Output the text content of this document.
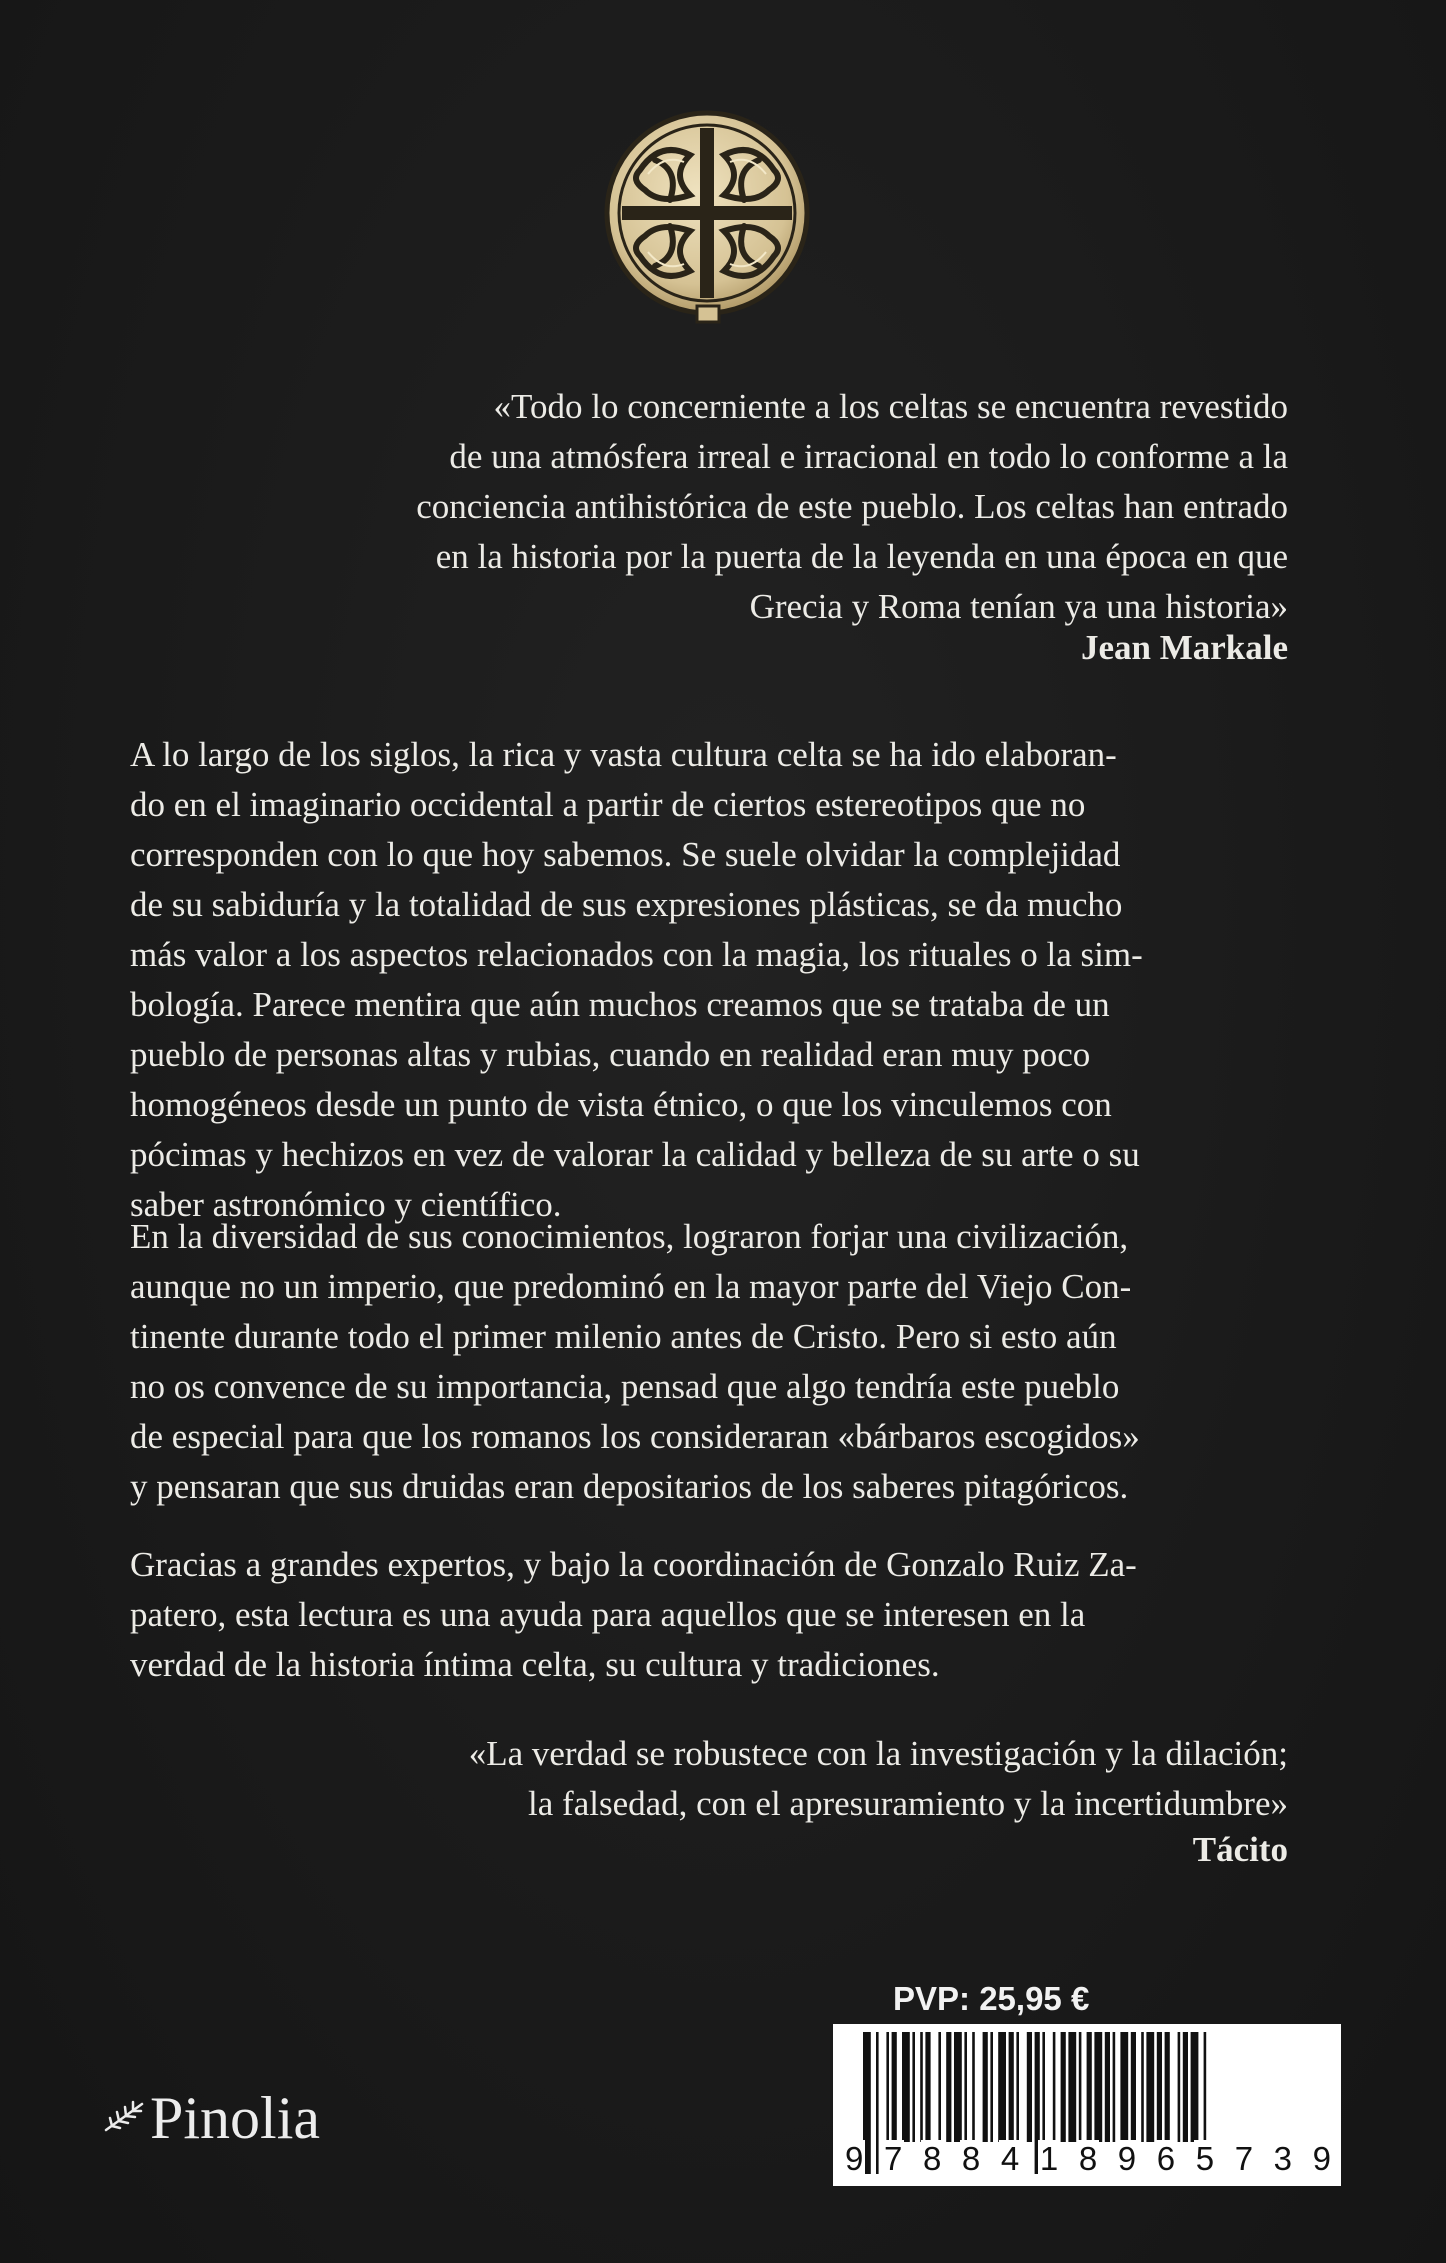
«Todo lo concerniente a los celtas se encuentra revestido
de una atmósfera irreal e irracional en todo lo conforme a la
conciencia antihistórica de este pueblo. Los celtas han entrado
en la historia por la puerta de la leyenda en una época en que
Grecia y Roma tenían ya una historia»

Jean Markale

A lo largo de los siglos, la rica y vasta cultura celta se ha ido elaboran-
do en el imaginario occidental a partir de ciertos estereotipos que no
corresponden con lo que hoy sabemos. Se suele olvidar la complejidad
de su sabiduría y la totalidad de sus expresiones plásticas, se da mucho
más valor a los aspectos relacionados con la magia, los rituales o la sim-
bología. Parece mentira que aún muchos creamos que se trataba de un
pueblo de personas altas y rubias, cuando en realidad eran muy poco
homogéneos desde un punto de vista étnico, o que los vinculemos con
pócimas y hechizos en vez de valorar la calidad y belleza de su arte o su
saber astronómico y científico.

En la diversidad de sus conocimientos, lograron forjar una civilización,
aunque no un imperio, que predominó en la mayor parte del Viejo Con-
tinente durante todo el primer milenio antes de Cristo. Pero si esto aún
no os convence de su importancia, pensad que algo tendría este pueblo
de especial para que los romanos los consideraran «bárbaros escogidos»
y pensaran que sus druidas eran depositarios de los saberes pitagóricos.

Gracias a grandes expertos, y bajo la coordinación de Gonzalo Ruiz Za-
patero, esta lectura es una ayuda para aquellos que se interesen en la
verdad de la historia íntima celta, su cultura y tradiciones.

«La verdad se robustece con la investigación y la dilación;
la falsedad, con el apresuramiento y la incertidumbre»

Tácito

PVP: 25,95 €

9 7 8 8 4 1 8 9 6 5 7 3 9
Pinolia
